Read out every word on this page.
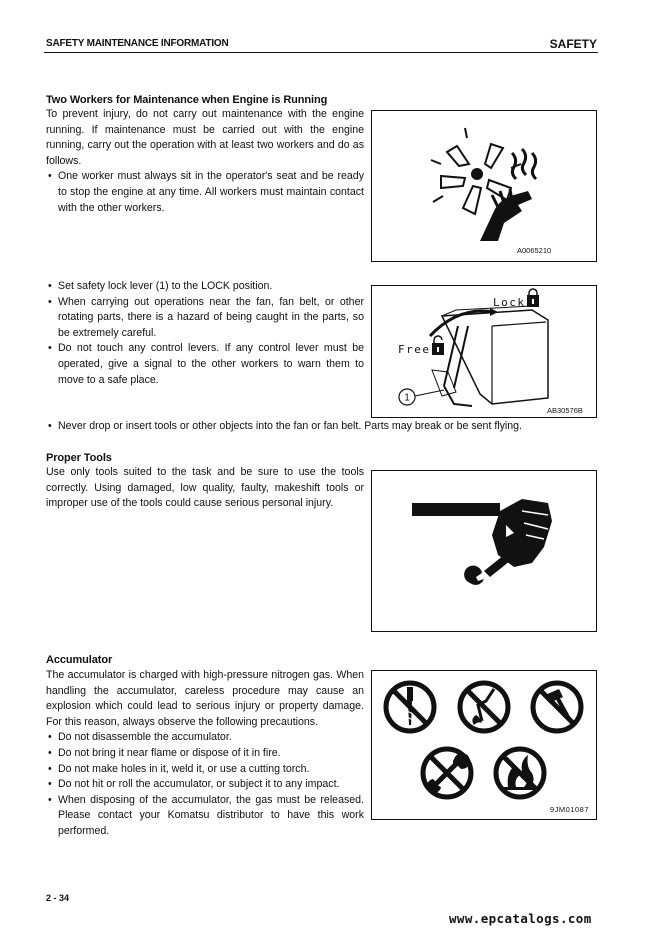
SAFETY MAINTENANCE INFORMATION	SAFETY
Two Workers for Maintenance when Engine is Running

To prevent injury, do not carry out maintenance with the engine running. If maintenance must be carried out with the engine running, carry out the operation with at least two workers and do as follows.

• One worker must always sit in the operator's seat and be ready to stop the engine at any time. All workers must maintain contact with the other workers.
A0065210
• Set safety lock lever (1) to the LOCK position.
• When carrying out operations near the fan, fan belt, or other rotating parts, there is a hazard of being caught in the parts, so be extremely careful.
• Do not touch any control levers. If any control lever must be operated, give a signal to the other workers to warn them to move to a safe place.
1
Lock
Free
AB30576B
• Never drop or insert tools or other objects into the fan or fan belt. Parts may break or be sent flying.
Proper Tools

Use only tools suited to the task and be sure to use the tools correctly. Using damaged, low quality, faulty, makeshift tools or improper use of the tools could cause serious personal injury.

Accumulator

The accumulator is charged with high-pressure nitrogen gas. When handling the accumulator, careless procedure may cause an explosion which could lead to serious injury or property damage. For this reason, always observe the following precautions.

• Do not disassemble the accumulator.
• Do not bring it near flame or dispose of it in fire.
• Do not make holes in it, weld it, or use a cutting torch.
• Do not hit or roll the accumulator, or subject it to any impact.
• When disposing of the accumulator, the gas must be released. Please contact your Komatsu distributor to have this work performed.
9JM01087
2 - 34
www.epcatalogs.com
